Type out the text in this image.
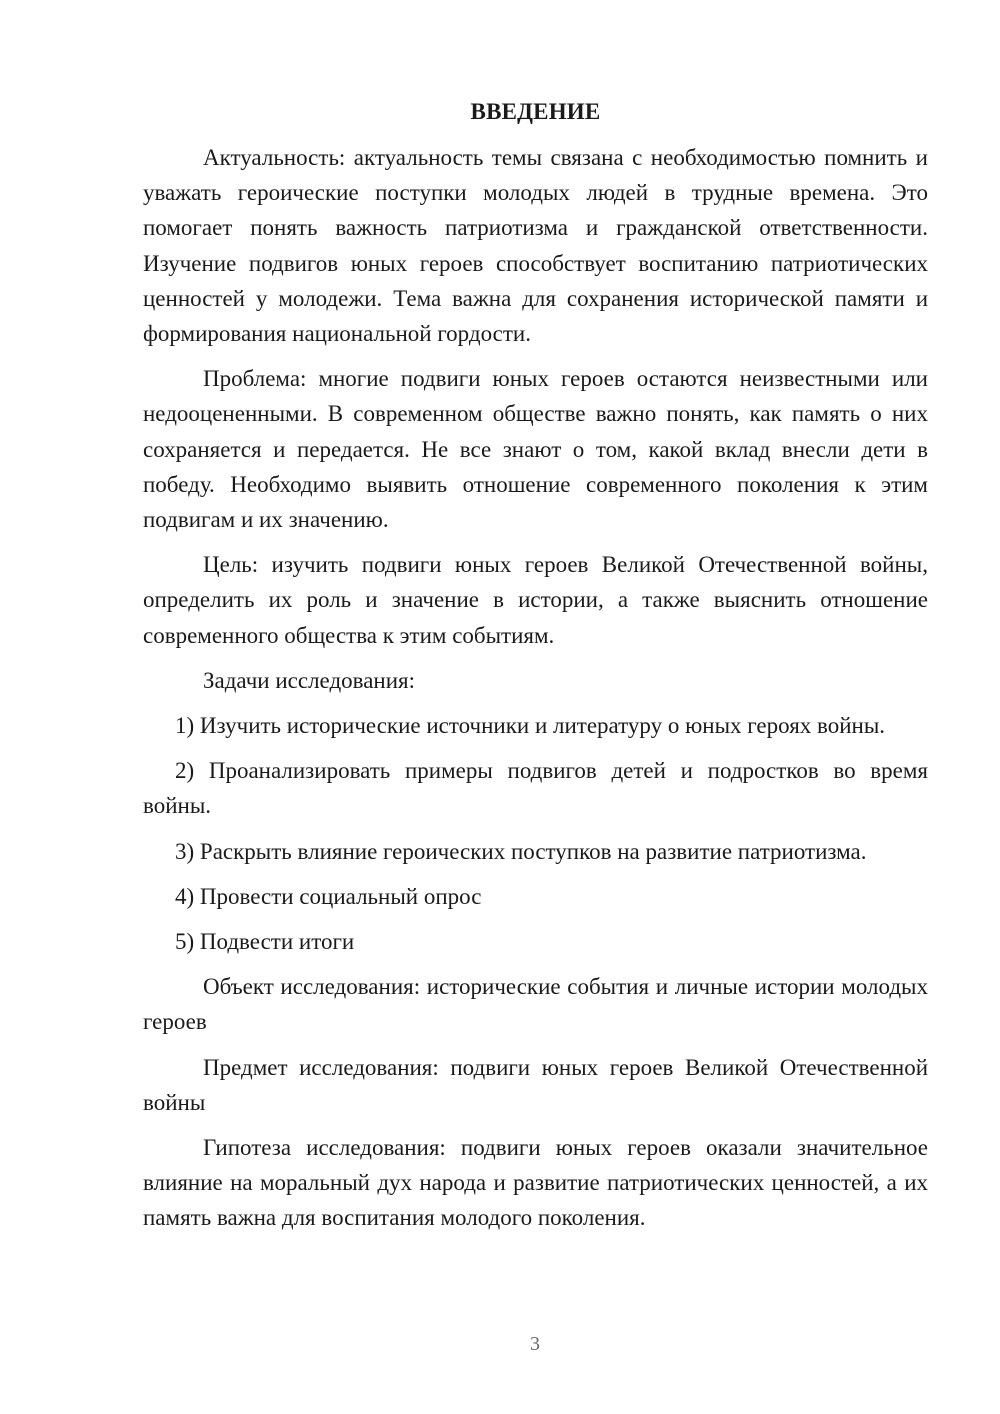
ВВЕДЕНИЕ

Актуальность: актуальность темы связана с необходимостью помнить и уважать героические поступки молодых людей в трудные времена. Это помогает понять важность патриотизма и гражданской ответственности. Изучение подвигов юных героев способствует воспитанию патриотических ценностей у молодежи. Тема важна для сохранения исторической памяти и формирования национальной гордости.

Проблема: многие подвиги юных героев остаются неизвестными или недооцененными. В современном обществе важно понять, как память о них сохраняется и передается. Не все знают о том, какой вклад внесли дети в победу. Необходимо выявить отношение современного поколения к этим подвигам и их значению.

Цель: изучить подвиги юных героев Великой Отечественной войны, определить их роль и значение в истории, а также выяснить отношение современного общества к этим событиям.

Задачи исследования:

1) Изучить исторические источники и литературу о юных героях войны.

2) Проанализировать примеры подвигов детей и подростков во время войны.

3) Раскрыть влияние героических поступков на развитие патриотизма.

4) Провести социальный опрос

5) Подвести итоги

Объект исследования: исторические события и личные истории молодых героев

Предмет исследования: подвиги юных героев Великой Отечественной войны

Гипотеза исследования: подвиги юных героев оказали значительное влияние на моральный дух народа и развитие патриотических ценностей, а их память важна для воспитания молодого поколения.

3
